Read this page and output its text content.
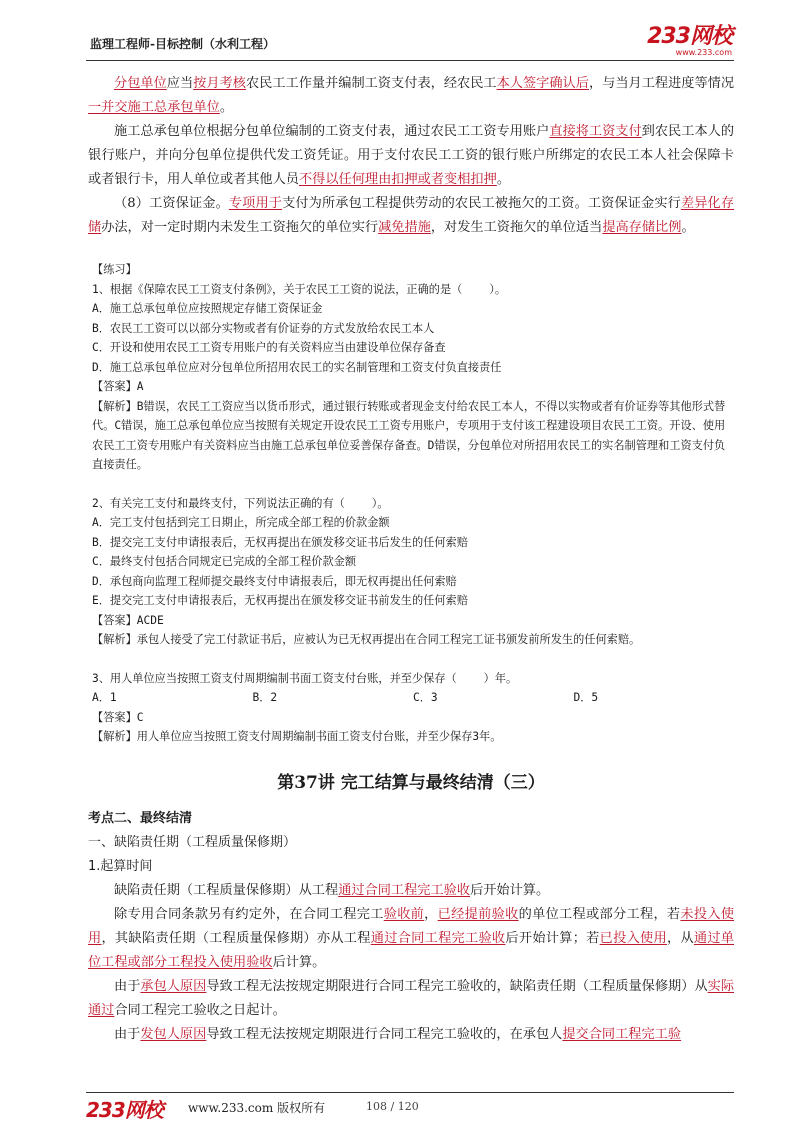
监理工程师-目标控制（水利工程）	233网校
www.233.com

分包单位应当按月考核农民工工作量并编制工资支付表，经农民工本人签字确认后，与当月工程进度等情况一并交施工总承包单位。

施工总承包单位根据分包单位编制的工资支付表，通过农民工工资专用账户直接将工资支付到农民工本人的银行账户，并向分包单位提供代发工资凭证。用于支付农民工工资的银行账户所绑定的农民工本人社会保障卡或者银行卡，用人单位或者其他人员不得以任何理由扣押或者变相扣押。

（8）工资保证金。专项用于支付为所承包工程提供劳动的农民工被拖欠的工资。工资保证金实行差异化存储办法，对一定时期内未发生工资拖欠的单位实行减免措施，对发生工资拖欠的单位适当提高存储比例。

【练习】

1、根据《保障农民工工资支付条例》，关于农民工工资的说法，正确的是（    ）。

A．施工总承包单位应按照规定存储工资保证金

B．农民工工资可以以部分实物或者有价证券的方式发放给农民工本人

C．开设和使用农民工工资专用账户的有关资料应当由建设单位保存备查

D．施工总承包单位应对分包单位所招用农民工的实名制管理和工资支付负直接责任

【答案】A

【解析】B错误，农民工工资应当以货币形式，通过银行转账或者现金支付给农民工本人，不得以实物或者有价证券等其他形式替代。C错误，施工总承包单位应当按照有关规定开设农民工工资专用账户，专项用于支付该工程建设项目农民工工资。开设、使用农民工工资专用账户有关资料应当由施工总承包单位妥善保存备查。D错误，分包单位对所招用农民工的实名制管理和工资支付负直接责任。

2、有关完工支付和最终支付，下列说法正确的有（    ）。

A．完工支付包括到完工日期止，所完成全部工程的价款金额

B．提交完工支付申请报表后，无权再提出在颁发移交证书后发生的任何索赔

C．最终支付包括合同规定已完成的全部工程价款金额

D．承包商向监理工程师提交最终支付申请报表后，即无权再提出任何索赔

E．提交完工支付申请报表后，无权再提出在颁发移交证书前发生的任何索赔

【答案】ACDE

【解析】承包人接受了完工付款证书后，应被认为已无权再提出在合同工程完工证书颁发前所发生的任何索赔。

3、用人单位应当按照工资支付周期编制书面工资支付台账，并至少保存（    ）年。

A．1	B．2	C．3	D．5

【答案】C

【解析】用人单位应当按照工资支付周期编制书面工资支付台账，并至少保存3年。

第37讲 完工结算与最终结清（三）

考点二、最终结清

一、缺陷责任期（工程质量保修期）

1.起算时间

缺陷责任期（工程质量保修期）从工程通过合同工程完工验收后开始计算。

除专用合同条款另有约定外，在合同工程完工验收前，已经提前验收的单位工程或部分工程，若未投入使用，其缺陷责任期（工程质量保修期）亦从工程通过合同工程完工验收后开始计算；若已投入使用，从通过单位工程或部分工程投入使用验收后计算。

由于承包人原因导致工程无法按规定期限进行合同工程完工验收的，缺陷责任期（工程质量保修期）从实际通过合同工程完工验收之日起计。

由于发包人原因导致工程无法按规定期限进行合同工程完工验收的，在承包人提交合同工程完工验

233网校 www.233.com 版权所有	108 / 120
